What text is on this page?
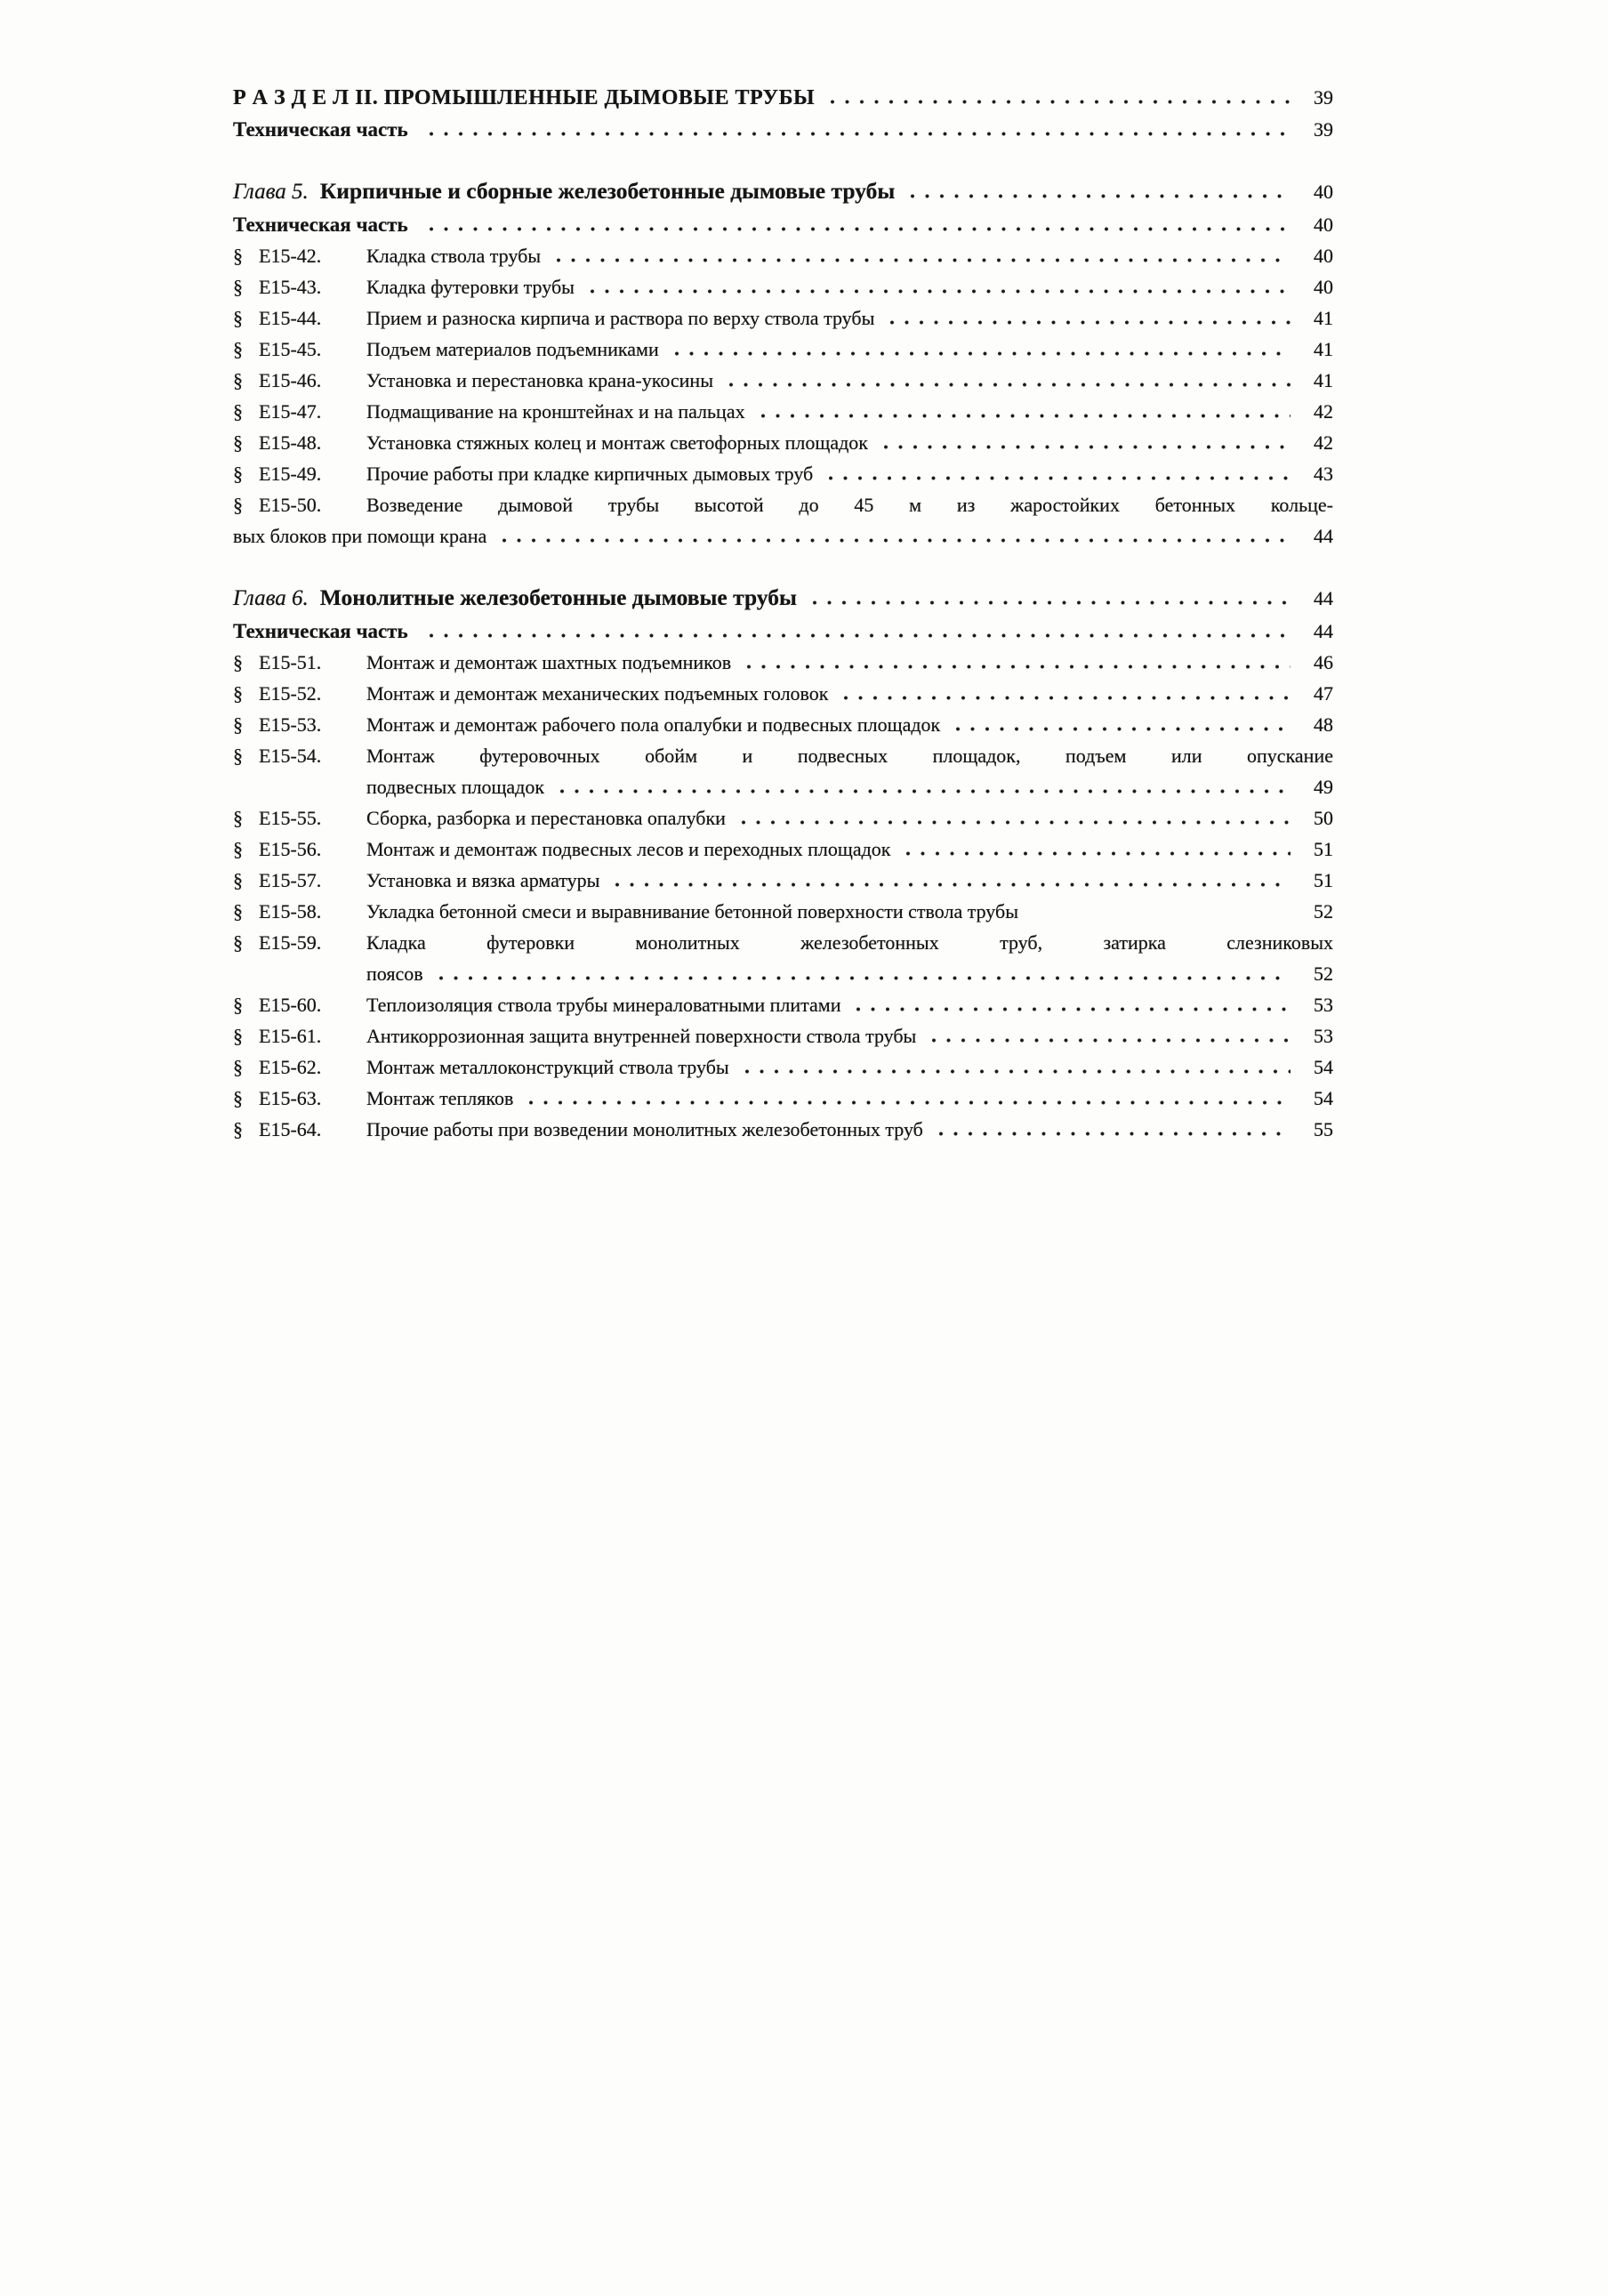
Р А З Д Е Л II. ПРОМЫШЛЕННЫЕ ДЫМОВЫЕ ТРУБЫ	39
Техническая часть	39
Глава 5. Кирпичные и сборные железобетонные дымовые трубы	40
Техническая часть	40
§ Е15-42.	Кладка ствола трубы	40
§ Е15-43.	Кладка футеровки трубы	40
§ Е15-44.	Прием и разноска кирпича и раствора по верху ствола трубы	41
§ Е15-45.	Подъем материалов подъемниками	41
§ Е15-46.	Установка и перестановка крана-укосины	41
§ Е15-47.	Подмащивание на кронштейнах и на пальцах	42
§ Е15-48.	Установка стяжных колец и монтаж светофорных площадок	42
§ Е15-49.	Прочие работы при кладке кирпичных дымовых труб	43
§ Е15-50.	Возведение дымовой трубы высотой до 45 м из жаростойких бетонных кольце-
вых блоков при помощи крана	44
Глава 6. Монолитные железобетонные дымовые трубы	44
Техническая часть	44
§ Е15-51.	Монтаж и демонтаж шахтных подъемников	46
§ Е15-52.	Монтаж и демонтаж механических подъемных головок	47
§ Е15-53.	Монтаж и демонтаж рабочего пола опалубки и подвесных площадок	48
§ Е15-54.	Монтаж футеровочных обойм и подвесных площадок, подъем или опускание
подвесных площадок	49
§ Е15-55.	Сборка, разборка и перестановка опалубки	50
§ Е15-56.	Монтаж и демонтаж подвесных лесов и переходных площадок	51
§ Е15-57.	Установка и вязка арматуры	51
§ Е15-58.	Укладка бетонной смеси и выравнивание бетонной поверхности ствола трубы	52
§ Е15-59.	Кладка футеровки монолитных железобетонных труб, затирка слезниковых
поясов	52
§ Е15-60.	Теплоизоляция ствола трубы минераловатными плитами	53
§ Е15-61.	Антикоррозионная защита внутренней поверхности ствола трубы	53
§ Е15-62.	Монтаж металлоконструкций ствола трубы	54
§ Е15-63.	Монтаж тепляков	54
§ Е15-64.	Прочие работы при возведении монолитных железобетонных труб	55
